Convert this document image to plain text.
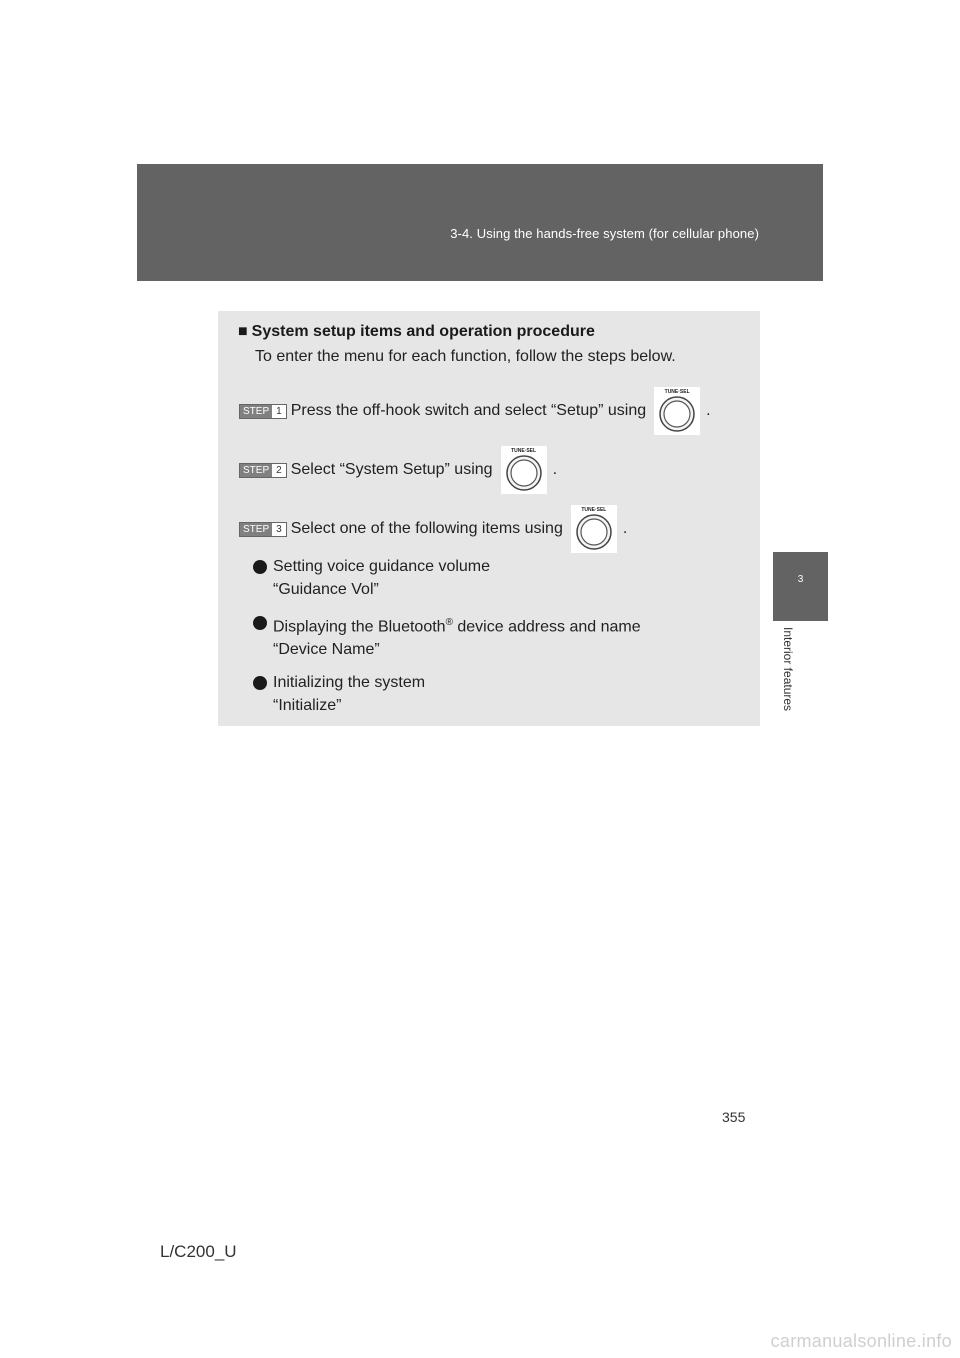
3-4. Using the hands-free system (for cellular phone)
3
Interior features
■ System setup items and operation procedure
To enter the menu for each function, follow the steps below.
STEP 1 Press the off-hook switch and select “Setup” using
TUNE·SEL
.
STEP 2 Select “System Setup” using
TUNE·SEL
.
STEP 3 Select one of the following items using
TUNE·SEL
.
Setting voice guidance volume
“Guidance Vol”
Displaying the Bluetooth® device address and name
“Device Name”
Initializing the system
“Initialize”
355
L/C200_U
carmanualsonline.info
